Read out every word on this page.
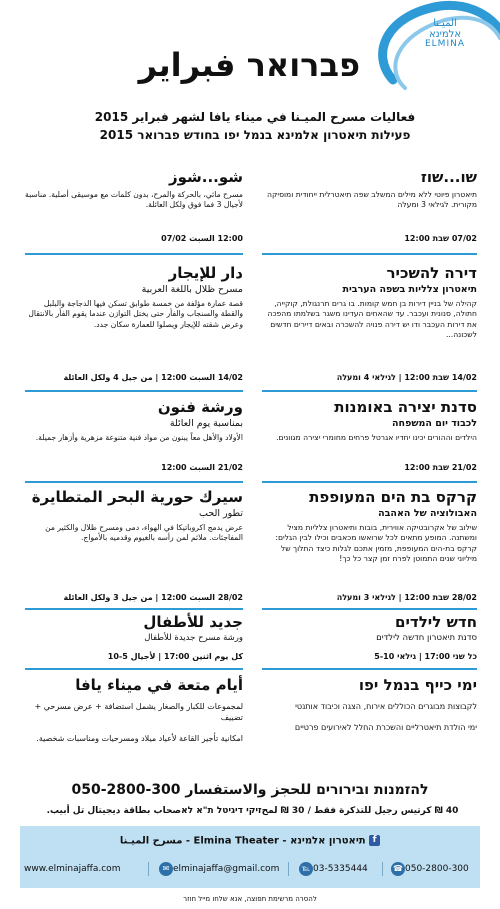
الميـنا
אלמינא
ELMINA
פברואר فبراير
فعاليات مسرح الميـنا في ميناء يافا لشهر فبراير 2015
פעילות תיאטרון אלמינא בנמל יפו בחודש פברואר 2015
שו...שוז
תיאטרון פיוטי ללא מילים המשלב שפה תיאטרלית ייחודית ומוסיקה מקורית. לגילאי 3 ומעלה
07/02 שבת 12:00
דירה להשכיר
תיאטרון צלליות בשפה הערבית
קהילה של בניין דירות בן חמש קומות. בו גרים תרנגולת, קוקייה, חתולה, סנונית ועכבר. עד שהאחים העדינו משגר בשלמתו מהפכה את דירות העכבר ודו יש דירה פנויה להשכרה ובאים דיירים חדשים לשכונה...
14/02 שבת 12:00 | לגילאי 4 ומעלה
סדנת יצירה באומנות
לכבוד יום המשפחה
הילדים וההורים יכינו יחדיו אגרטל פרחים מחומרי יצירה מגוונים.
21/02 שבת 12:00
קרקס בת הים המעופפת
האבולוציה של האהבה
שילוב של אקרובטיקה אווירית, בובות ותיאטרון צלליות מציל ומשתנה. המופע מתאים לכל שרואשו מכאבים וכילו לבין הגלים: קרקס בת-הים המעופפת, מזמין אתכם לגלות כיצד התלוך של מיליוני שנים התמוטן לפרח זמן קצר כל כך!
28/02 שבת 12:00 | לגילאי 3 ומעלה
חדש לילדים
סדנת תיאטרון חדשה לילדים
כל שני 17:00 | גילאי 5-10
ימי כייף בנמל יפו
לקבוצות מבוגרים הכוללים אירוח, הצגה וכיבוד אותנטי
ימי הולדת תיאטרליים והשכרת החלל לאירועים פרטיים
شو...شوز
مسرح مائي، بالحركة والمرح، بدون كلمات مع موسيقى أصلية. مناسبة لأجيال 3 فما فوق ولكل العائلة.
12:00 السبت 07/02
دار للإيجار
مسرح ظلال باللغة العربية
قصة عمارة مؤلفة من خمسة طوابق تسكن فيها الدجاجة والبلبل والقطة والسنجاب والفأر حتى يختل التوازن عندما يقوم الفأر بالانتقال وعرض شقته للإيجار ويصلوا للعمارة سكان جدد.
14/02 السبت 12:00 | من جيل 4 ولكل العائلة
ورشة فنون
بمناسبة يوم العائلة
الأولاد والأهل معاً يبنون من مواد فنية متنوعة مزهرية وأزهار جميلة.
21/02 السبت 12:00
سيرك حورية البحر المتطايرة
تطور الحب
عرض يدمج اكروباتيكا في الهواء، دمى ومسرح ظلال والكثير من المفاجئات. ملائم لمن رأسه بالغيوم وقدميه بالأمواج.
28/02 السبت 12:00 | من جيل 3 ولكل العائلة
جديد للأطفال
ورشة مسرح جديدة للأطفال
كل يوم اثنين 17:00 | لأجيال 5-10
أيام متعة في ميناء يافا
لمجموعات للكبار والصغار يشمل استضافة + عرض مسرحي + تضييف
امكانية تأجير القاعة لأعياد ميلاد ومسرحيات ومناسبات شخصية.
להזמנות ובירורים للحجز والاستفسار 300-2800-050
40 ₪ كرتيس رجيل للتذكرة فقط / 30 ₪ لمحזיקי דיגיטל ת"א לאصحاب بطاقة ديجيتال تل أبيب.
f תיאטרון אלמינא - Elmina Theater - مسرح الميـنا
☎ 050-2800-300
℡ 03-5335444
✉ elminajaffa@gmail.com
www.elminajaffa.com
להסרה מרשימת תפוצה, אנא שלחו מייל חוזר
